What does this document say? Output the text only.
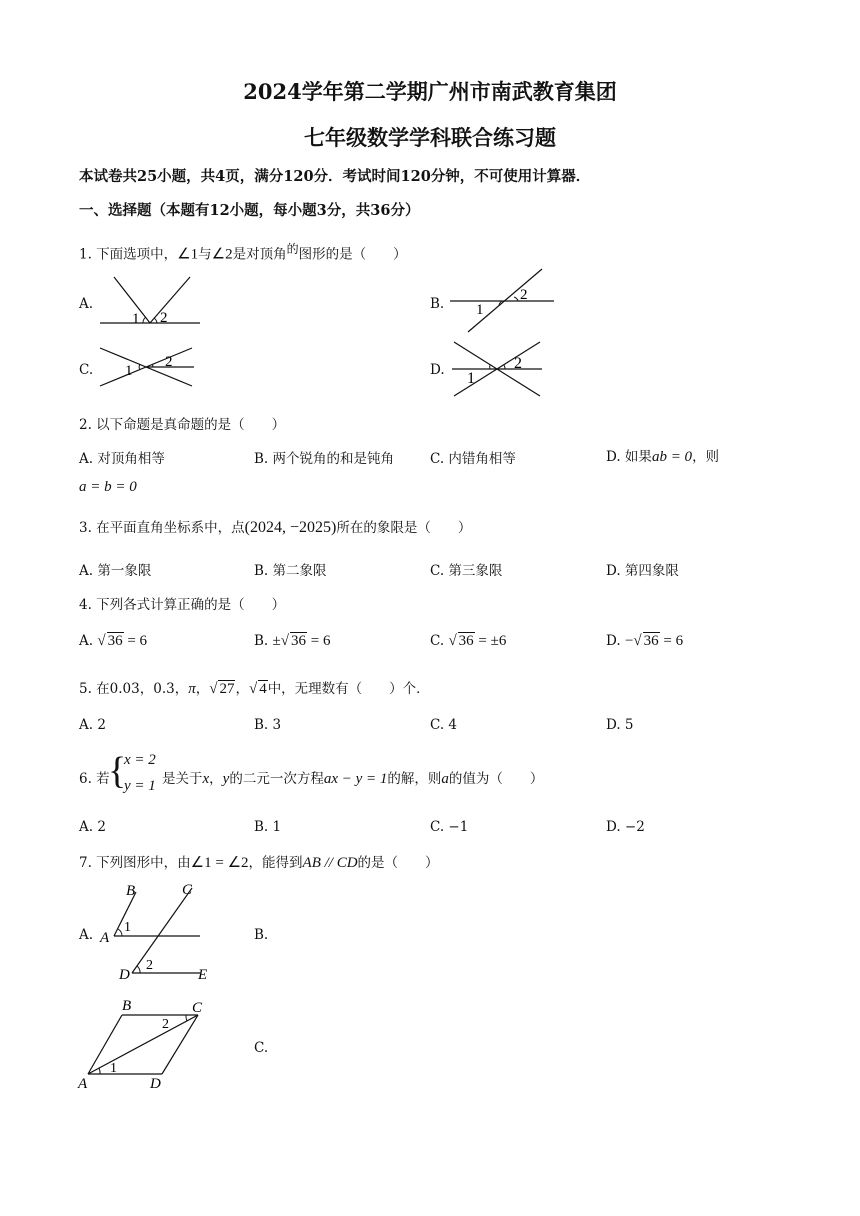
2024学年第二学期广州市南武教育集团
七年级数学学科联合练习题
本试卷共25小题，共4页，满分120分．考试时间120分钟，不可使用计算器．
一、选择题（本题有12小题，每小题3分，共36分）
1. 下面选项中，∠1与∠2是对顶角$^的$图形的是（　　）
A.
1 2
B. 1
2
C. 1
2	D. 1
2
2. 以下命题是真命题的是（　　）
A. 对顶角相等	B. 两个锐角的和是钝角	C. 内错角相等	D. 如果ab = 0，则
a = b = 0
3. 在平面直角坐标系中，点(2024, −2025)所在的象限是（　　）
A. 第一象限	B. 第二象限	C. 第三象限	D. 第四象限
4. 下列各式计算正确的是（　　）
A. √ 36 = 6	B. ±√ 36 = 6	C. √ 36 = ±6	D. −√ 36 = 6
5. 在0.03，0.3，π，√ 27，√ 4中，无理数有（　　）个．
A. 2	B. 3	C. 4	D. 5
6. 若
{
x = 2
y = 1 是关于x，y的二元一次方程ax − y = 1的解，则a的值为（　　）
A. 2	B. 1	C. −1	D. −2
7. 下列图形中，由∠1 = ∠2，能得到AB // CD的是（　　）
A.
B	C
A
1
D
2
E
B.
B	C
2
A
1
D
C.
